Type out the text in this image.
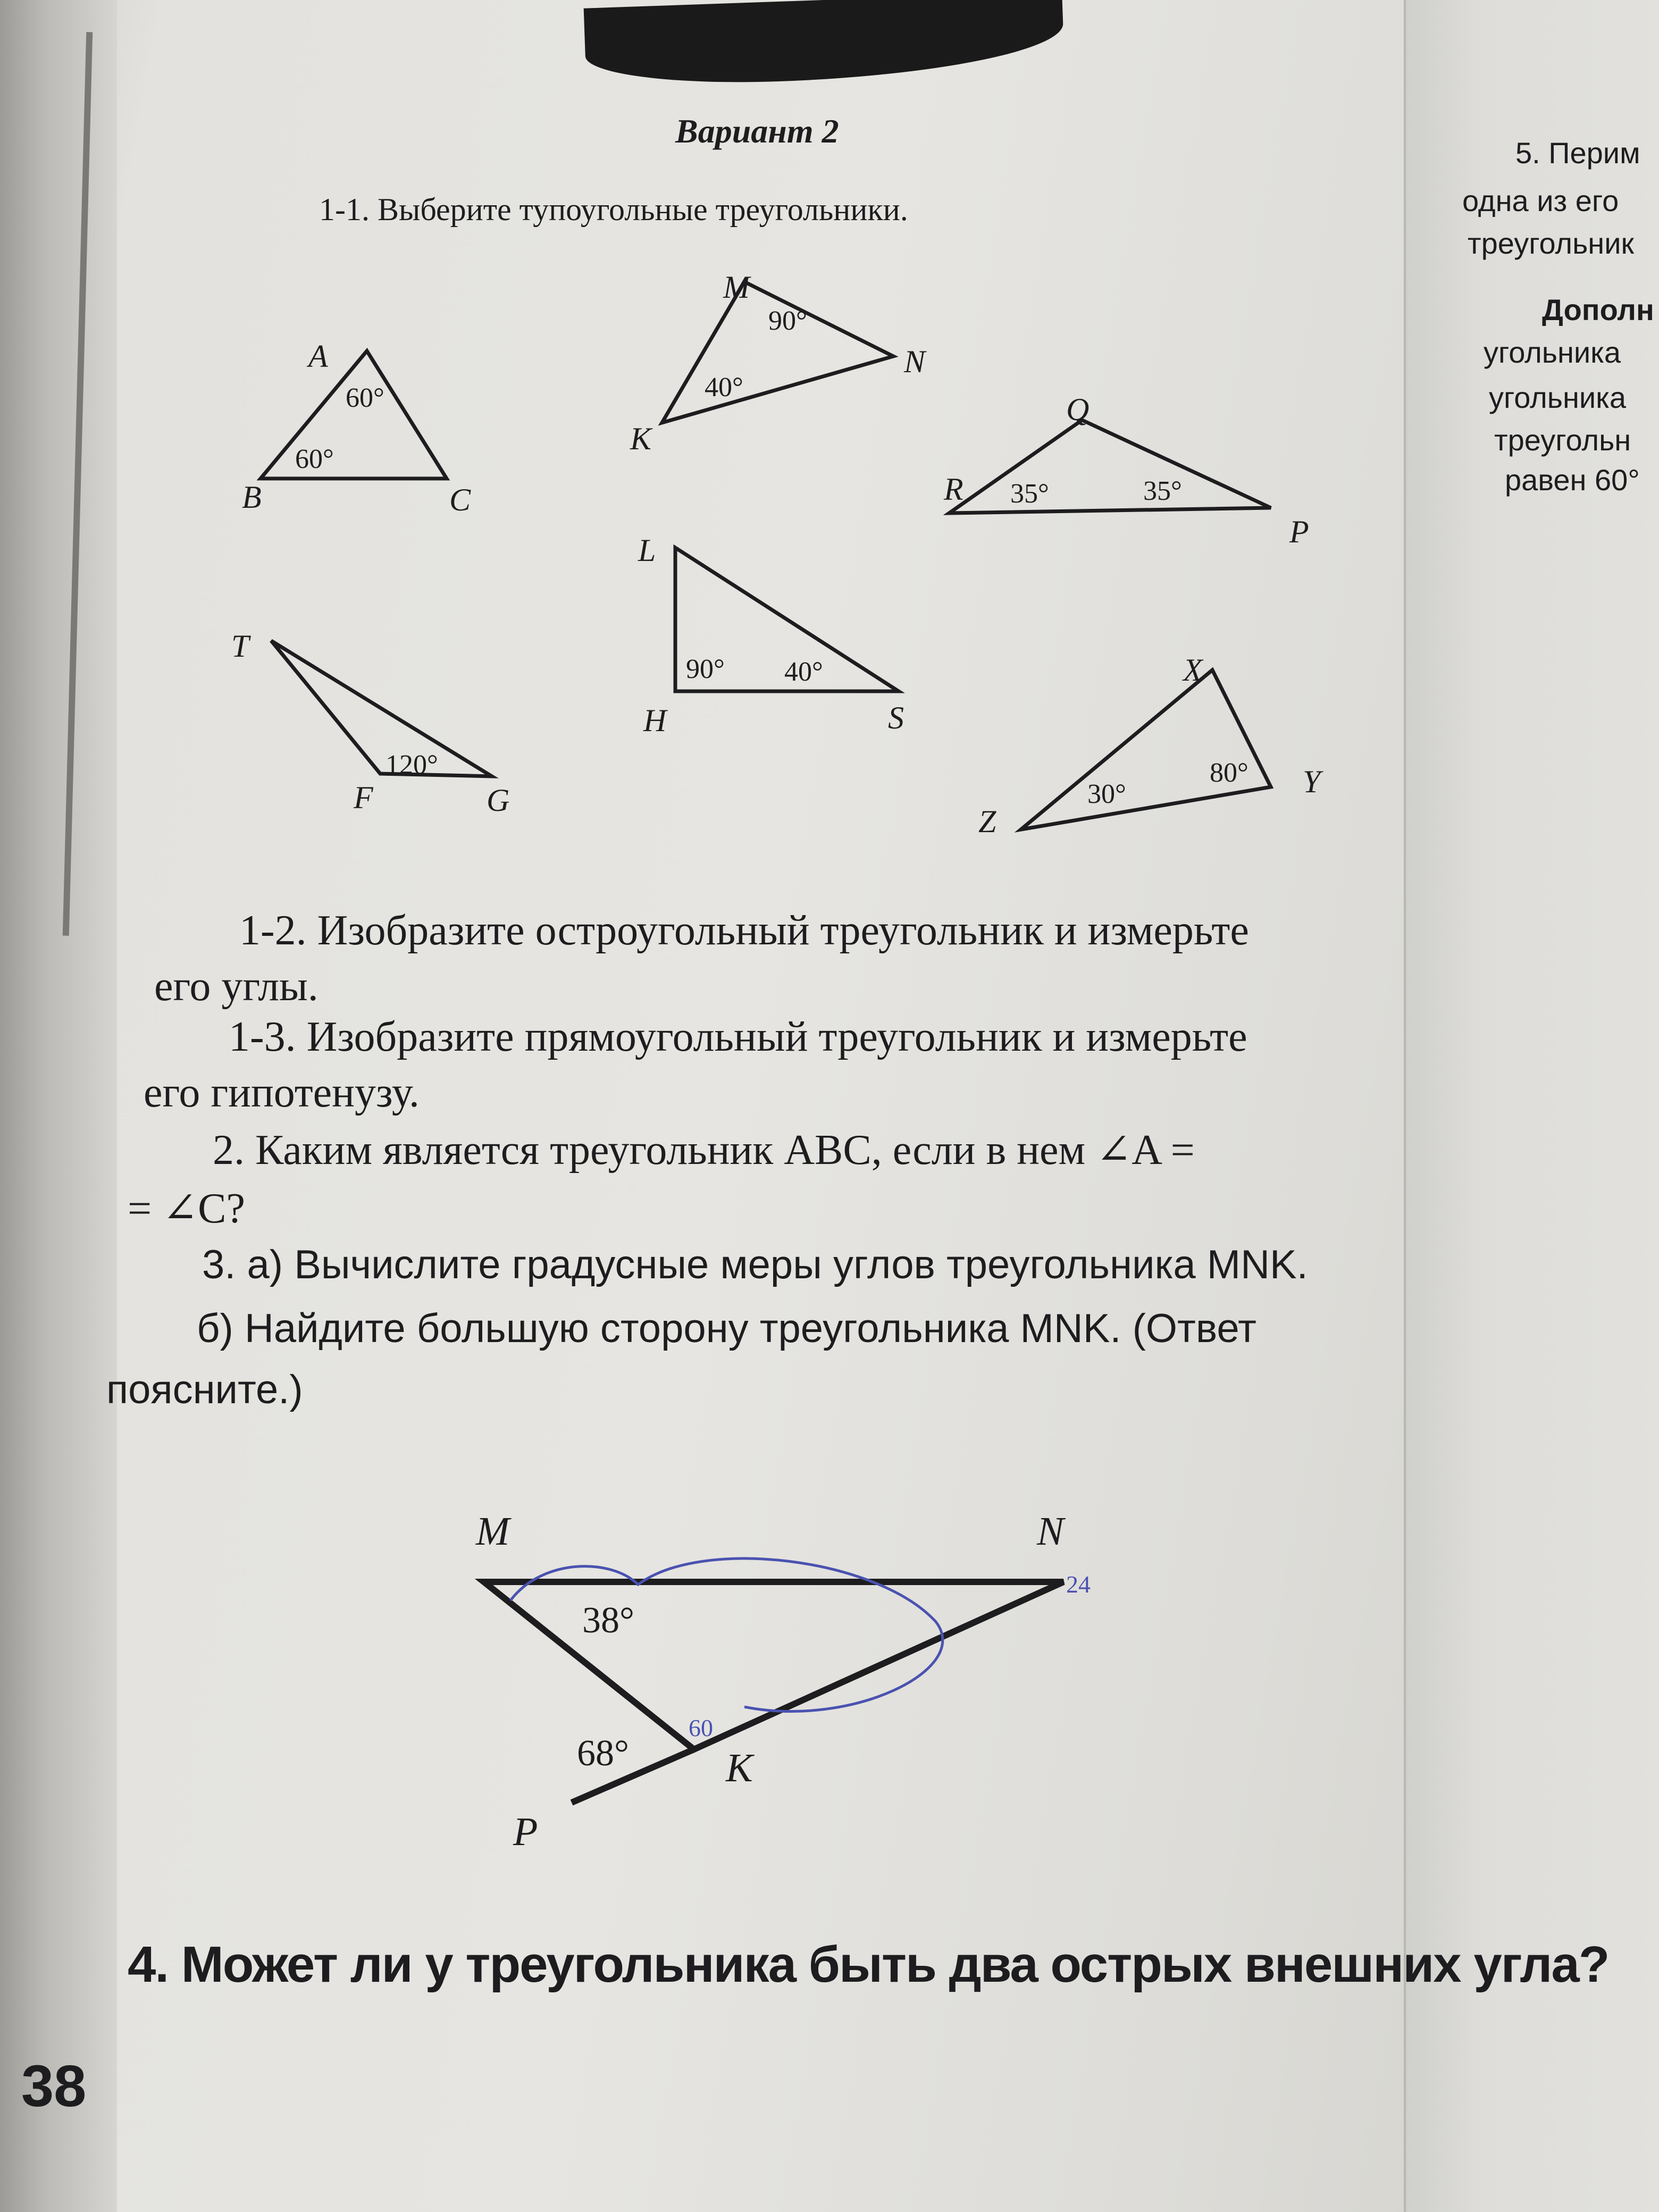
Вариант 2
1-1. Выберите тупоугольные треугольники.
A
B	C
60°
60°
M
N
K
90°
40°
Q
R
P
35°	35°
T
F	G
120°
L
H	S
90° 40°	X
Y
Z
30°
80°
M	N
K
P
38°
68°
24
60
1-2. Изобразите остроугольный треугольник и измерьте
его углы.
1-3. Изобразите прямоугольный треугольник и измерьте
его гипотенузу.
2. Каким является треугольник ABC, если в нем ∠A =
= ∠C?
3. а) Вычислите градусные меры углов треугольника MNK.
б) Найдите большую сторону треугольника MNK. (Ответ
поясните.)
4. Может ли у треугольника быть два острых внешних угла?
38
5. Перим
одна из его
треугольник
Дополн
угольника
угольника
треугольн
равен 60°
